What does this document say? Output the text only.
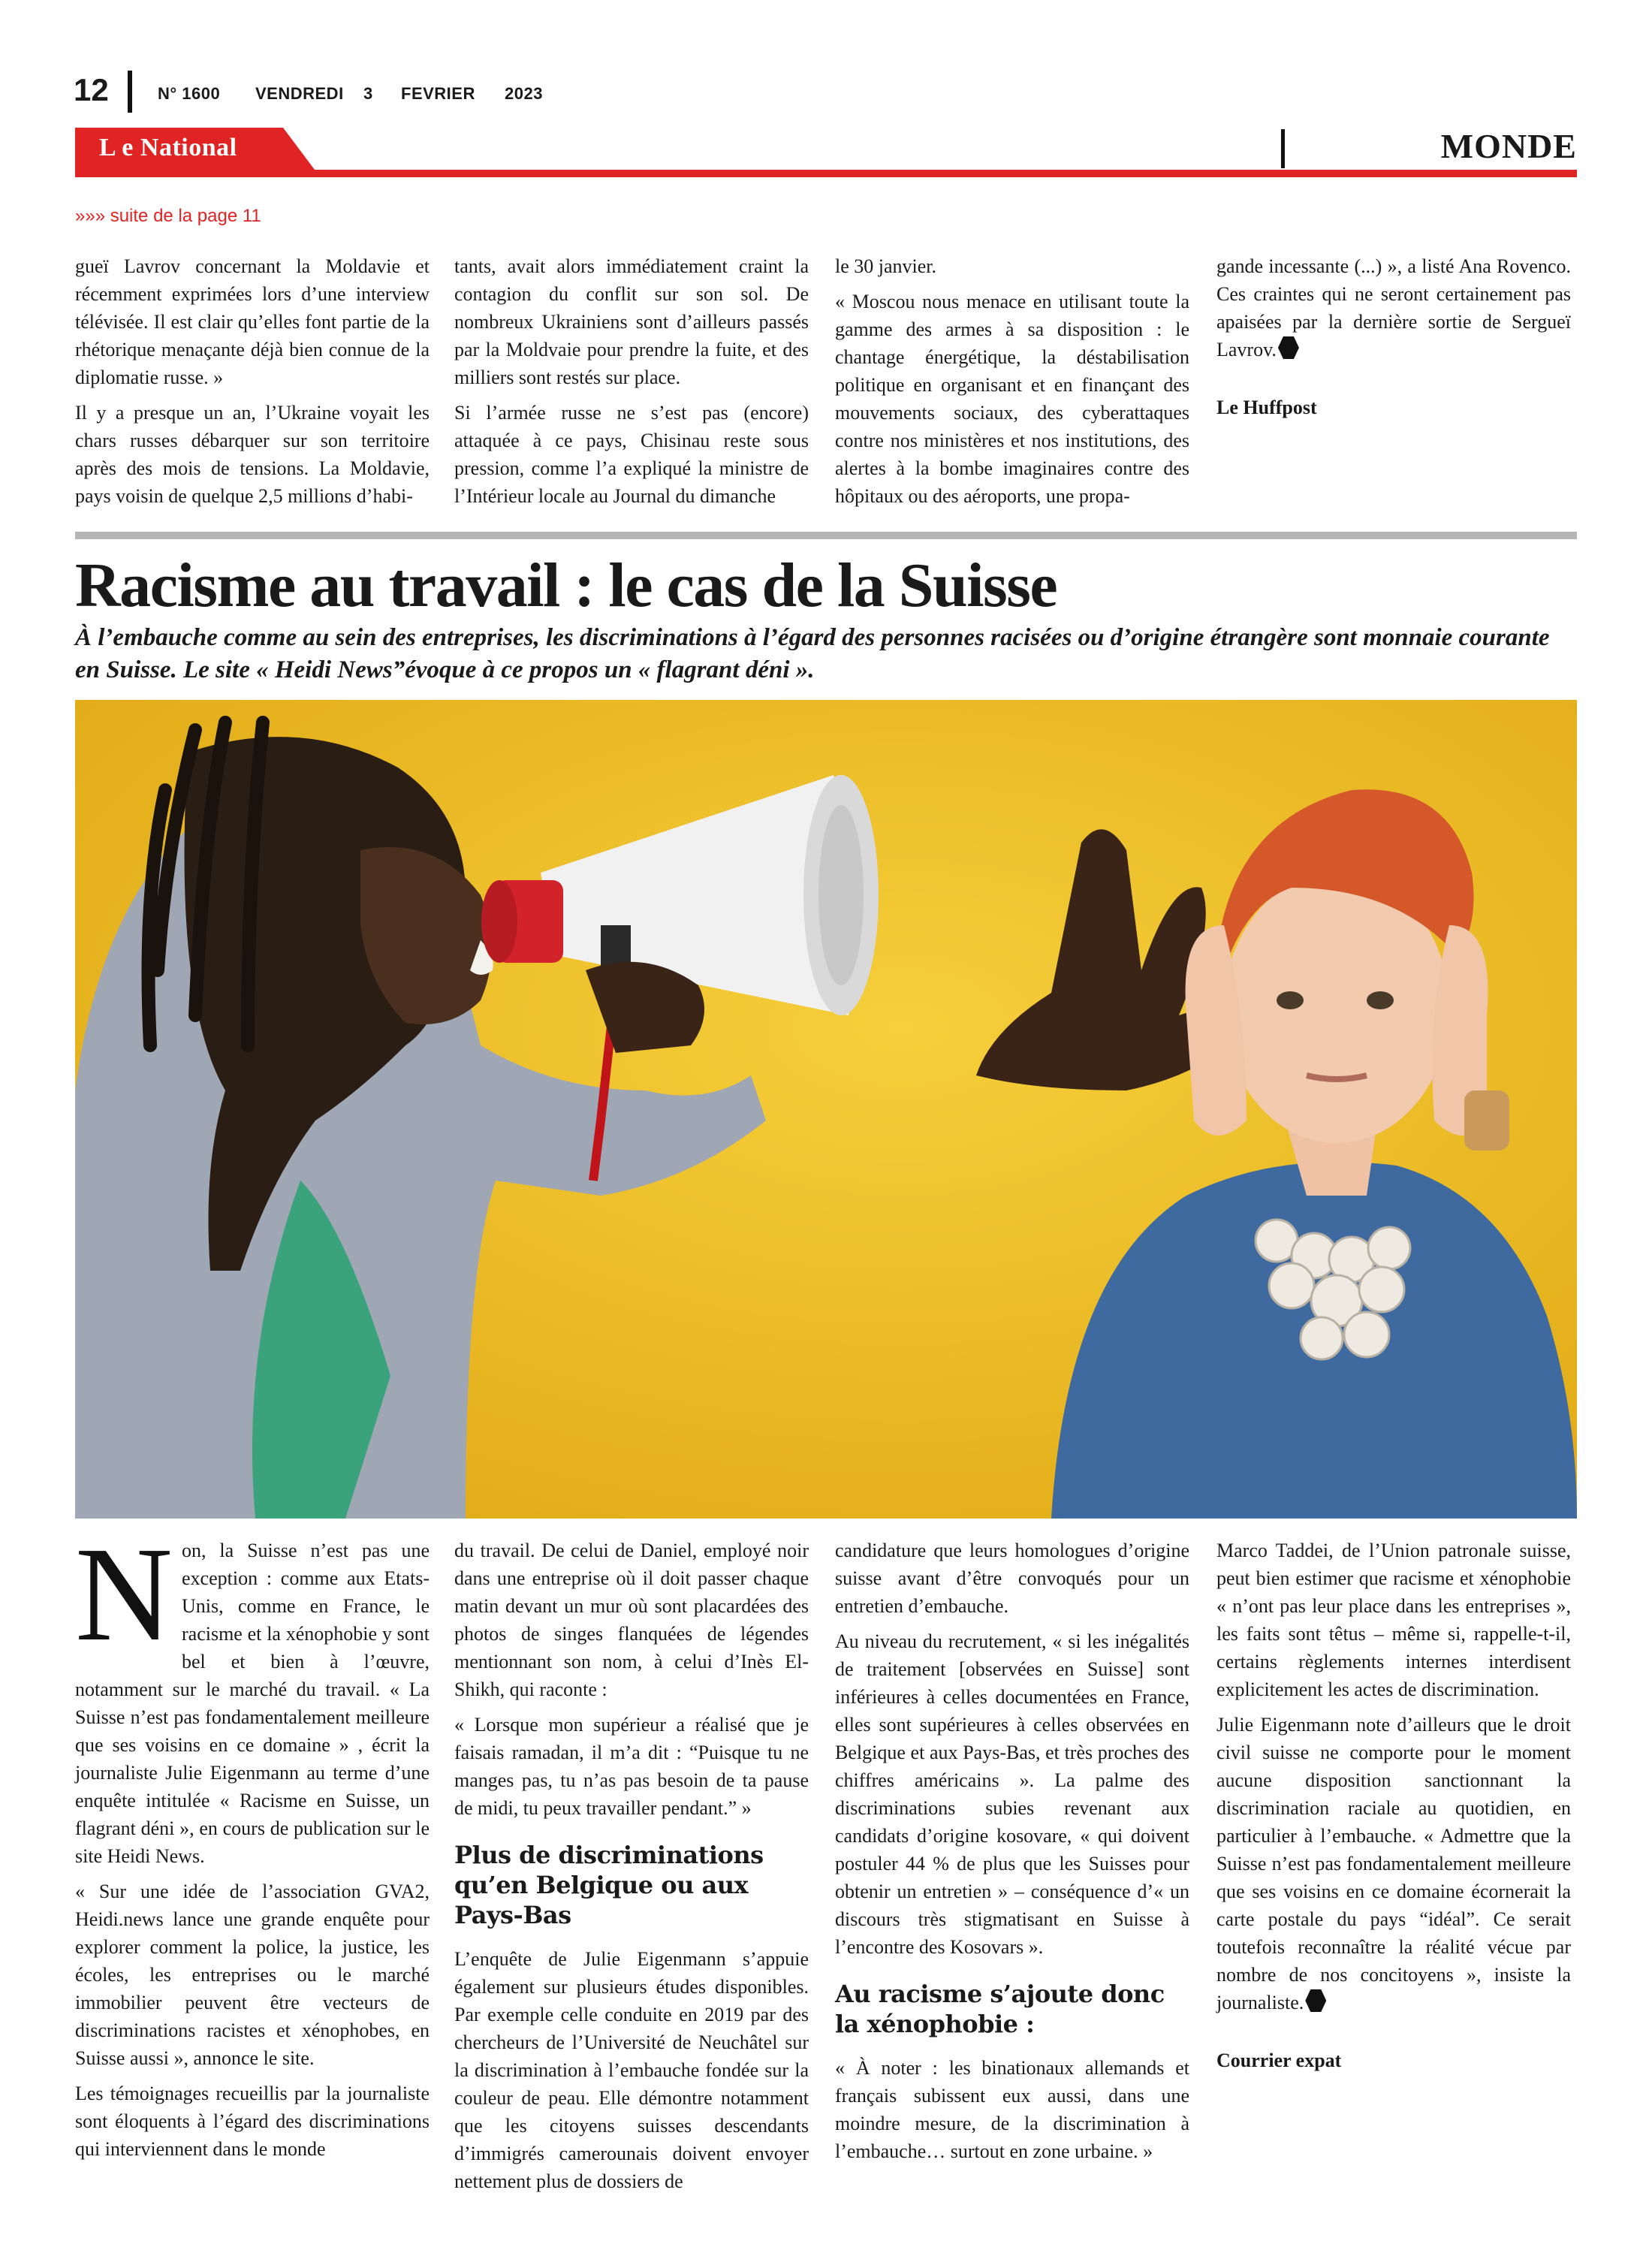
12	N° 1600 VENDREDI 3 FEVRIER 2023
L e National	MONDE
»»» suite de la page 11

gueï Lavrov concernant la Moldavie et récemment exprimées lors d’une interview télévisée. Il est clair qu’elles font partie de la rhétorique menaçante déjà bien connue de la diplomatie russe. »

Il y a presque un an, l’Ukraine voyait les chars russes débarquer sur son territoire après des mois de tensions. La Moldavie, pays voisin de quelque 2,5 millions d’habi-

tants, avait alors immédiatement craint la contagion du conflit sur son sol. De nombreux Ukrainiens sont d’ailleurs passés par la Moldvaie pour prendre la fuite, et des milliers sont restés sur place.

Si l’armée russe ne s’est pas (encore) attaquée à ce pays, Chisinau reste sous pression, comme l’a expliqué la ministre de l’Intérieur locale au Journal du dimanche

le 30 janvier.

« Moscou nous menace en utilisant toute la gamme des armes à sa disposition : le chantage énergétique, la déstabilisation politique en organisant et en finançant des mouvements sociaux, des cyberattaques contre nos ministères et nos institutions, des alertes à la bombe imaginaires contre des hôpitaux ou des aéroports, une propa-

gande incessante (...) », a listé Ana Rovenco. Ces craintes qui ne seront certainement pas apaisées par la dernière sortie de Sergueï Lavrov.

Le Huffpost

Racisme au travail : le cas de la Suisse
À l’embauche comme au sein des entreprises, les discriminations à l’égard des personnes racisées ou d’origine étrangère sont monnaie courante en Suisse. Le site « Heidi News”évoque à ce propos un « flagrant déni ».

Non, la Suisse n’est pas une exception : comme aux Etats-Unis, comme en France, le racisme et la xénophobie y sont bel et bien à l’œuvre, notamment sur le marché du travail. « La Suisse n’est pas fondamentalement meilleure que ses voisins en ce domaine » , écrit la journaliste Julie Eigenmann au terme d’une enquête intitulée « Racisme en Suisse, un flagrant déni », en cours de publication sur le site Heidi News.

« Sur une idée de l’association GVA2, Heidi.news lance une grande enquête pour explorer comment la police, la justice, les écoles, les entreprises ou le marché immobilier peuvent être vecteurs de discriminations racistes et xénophobes, en Suisse aussi », annonce le site.

Les témoignages recueillis par la journaliste sont éloquents à l’égard des discriminations qui interviennent dans le monde

du travail. De celui de Daniel, employé noir dans une entreprise où il doit passer chaque matin devant un mur où sont placardées des photos de singes flanquées de légendes mentionnant son nom, à celui d’Inès El-Shikh, qui raconte :

« Lorsque mon supérieur a réalisé que je faisais ramadan, il m’a dit : “Puisque tu ne manges pas, tu n’as pas besoin de ta pause de midi, tu peux travailler pendant.” »

Plus de discriminations qu’en Belgique ou aux Pays-Bas

L’enquête de Julie Eigenmann s’appuie également sur plusieurs études disponibles. Par exemple celle conduite en 2019 par des chercheurs de l’Université de Neuchâtel sur la discrimination à l’embauche fondée sur la couleur de peau. Elle démontre notamment que les citoyens suisses descendants d’immigrés camerounais doivent envoyer nettement plus de dossiers de

candidature que leurs homologues d’origine suisse avant d’être convoqués pour un entretien d’embauche.

Au niveau du recrutement, « si les inégalités de traitement [observées en Suisse] sont inférieures à celles documentées en France, elles sont supérieures à celles observées en Belgique et aux Pays-Bas, et très proches des chiffres américains ». La palme des discriminations subies revenant aux candidats d’origine kosovare, « qui doivent postuler 44 % de plus que les Suisses pour obtenir un entretien » – conséquence d’« un discours très stigmatisant en Suisse à l’encontre des Kosovars ».

Au racisme s’ajoute donc la xénophobie :

« À noter : les binationaux allemands et français subissent eux aussi, dans une moindre mesure, de la discrimination à l’embauche… surtout en zone urbaine. »

Marco Taddei, de l’Union patronale suisse, peut bien estimer que racisme et xénophobie « n’ont pas leur place dans les entreprises », les faits sont têtus – même si, rappelle-t-il, certains règlements internes interdisent explicitement les actes de discrimination.

Julie Eigenmann note d’ailleurs que le droit civil suisse ne comporte pour le moment aucune disposition sanctionnant la discrimination raciale au quotidien, en particulier à l’embauche. « Admettre que la Suisse n’est pas fondamentalement meilleure que ses voisins en ce domaine écornerait la carte postale du pays “idéal”. Ce serait toutefois reconnaître la réalité vécue par nombre de nos concitoyens », insiste la journaliste.

Courrier expat
